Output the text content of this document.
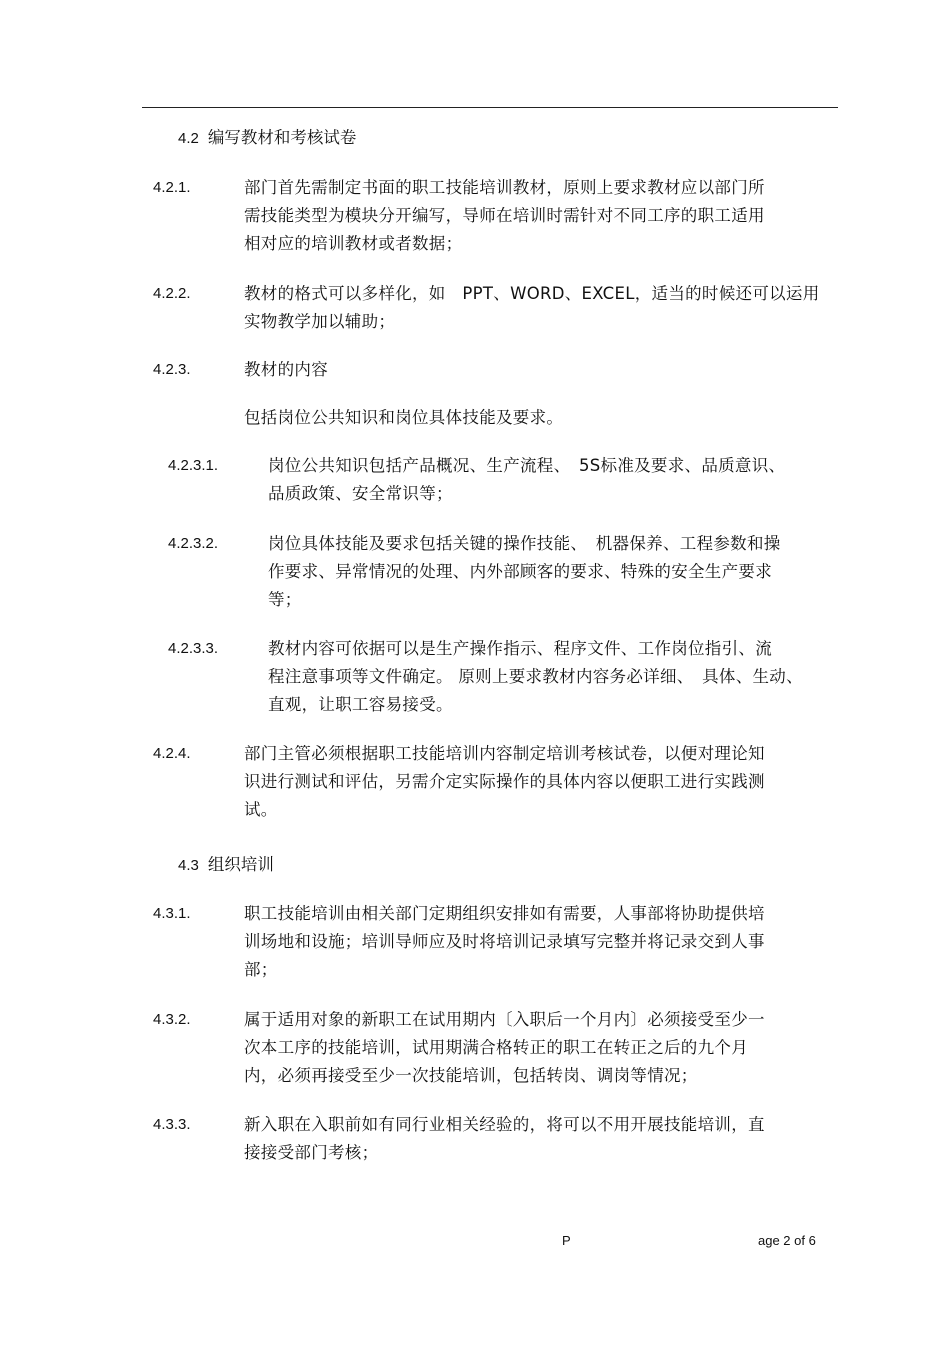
4.2 编写教材和考核试卷
4.2.1.	部门首先需制定书面的职工技能培训教材，原则上要求教材应以部门所
需技能类型为模块分开编写，导师在培训时需针对不同工序的职工适用
相对应的培训教材或者数据；
4.2.2.	教材的格式可以多样化，如　PPT、WORD、EXCEL，适当的时候还可以运用
实物教学加以辅助；
4.2.3.	教材的内容
包括岗位公共知识和岗位具体技能及要求。
4.2.3.1.	岗位公共知识包括产品概况、生产流程、　5S标准及要求、品质意识、
品质政策、安全常识等；
4.2.3.2.	岗位具体技能及要求包括关键的操作技能、　机器保养、工程参数和操
作要求、异常情况的处理、内外部顾客的要求、特殊的安全生产要求
等；
4.2.3.3.	教材内容可依据可以是生产操作指示、程序文件、工作岗位指引、流
程注意事项等文件确定。 原则上要求教材内容务必详细、　具体、生动、
直观，让职工容易接受。
4.2.4.	部门主管必须根据职工技能培训内容制定培训考核试卷，以便对理论知
识进行测试和评估，另需介定实际操作的具体内容以便职工进行实践测
试。
4.3 组织培训
4.3.1.	职工技能培训由相关部门定期组织安排如有需要，人事部将协助提供培
训场地和设施；培训导师应及时将培训记录填写完整并将记录交到人事
部；
4.3.2.	属于适用对象的新职工在试用期内〔入职后一个月内〕必须接受至少一
次本工序的技能培训，试用期满合格转正的职工在转正之后的九个月
内，必须再接受至少一次技能培训，包括转岗、调岗等情况；
4.3.3.	新入职在入职前如有同行业相关经验的，将可以不用开展技能培训，直
接接受部门考核；
P	age 2 of 6
